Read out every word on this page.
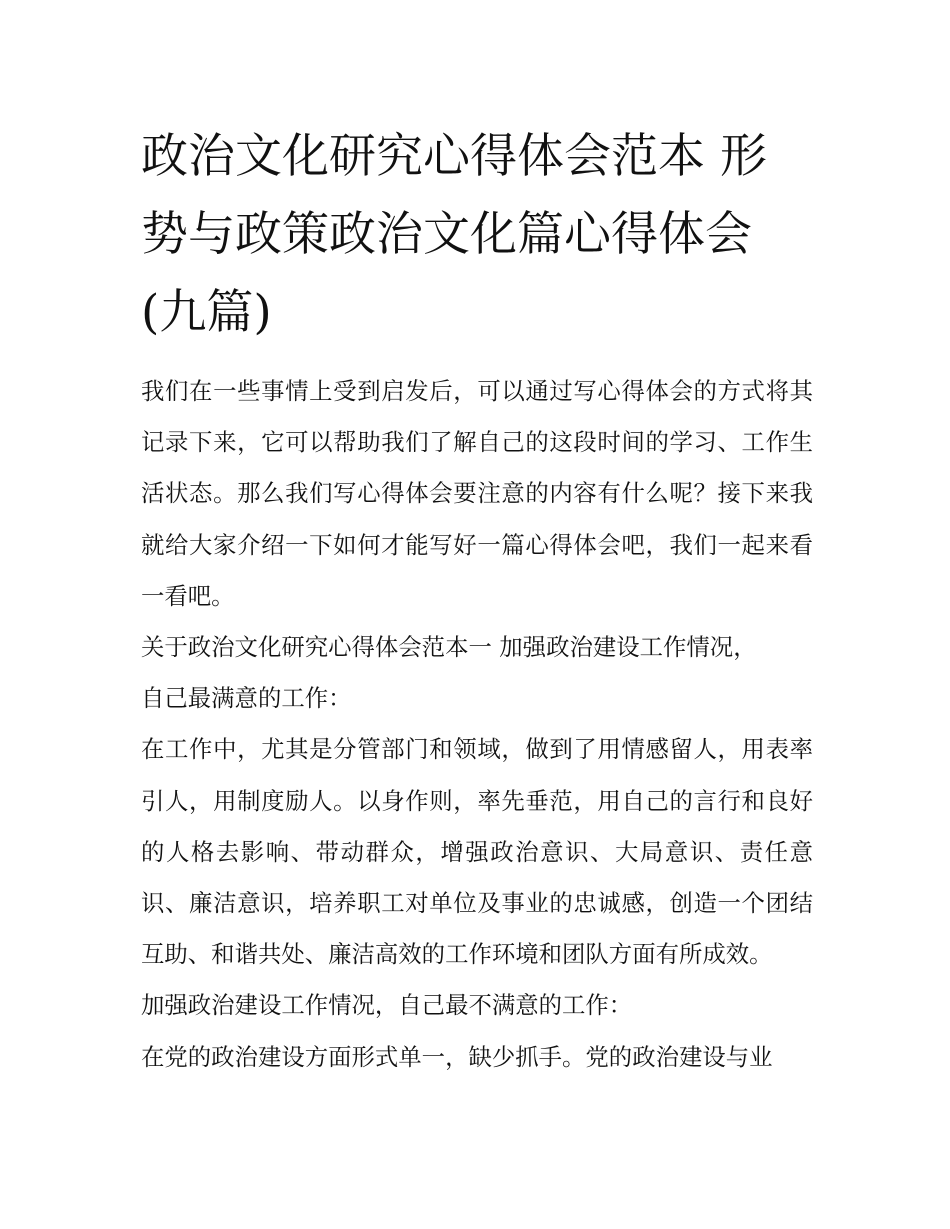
政治文化研究心得体会范本 形势与政策政治文化篇心得体会(九篇)

我们在一些事情上受到启发后，可以通过写心得体会的方式将其记录下来，它可以帮助我们了解自己的这段时间的学习、工作生活状态。那么我们写心得体会要注意的内容有什么呢？接下来我就给大家介绍一下如何才能写好一篇心得体会吧，我们一起来看一看吧。

关于政治文化研究心得体会范本一 加强政治建设工作情况，

自己最满意的工作：

在工作中，尤其是分管部门和领域，做到了用情感留人，用表率引人，用制度励人。以身作则，率先垂范，用自己的言行和良好的人格去影响、带动群众，增强政治意识、大局意识、责任意识、廉洁意识，培养职工对单位及事业的忠诚感，创造一个团结互助、和谐共处、廉洁高效的工作环境和团队方面有所成效。

加强政治建设工作情况，自己最不满意的工作：

在党的政治建设方面形式单一，缺少抓手。党的政治建设与业
